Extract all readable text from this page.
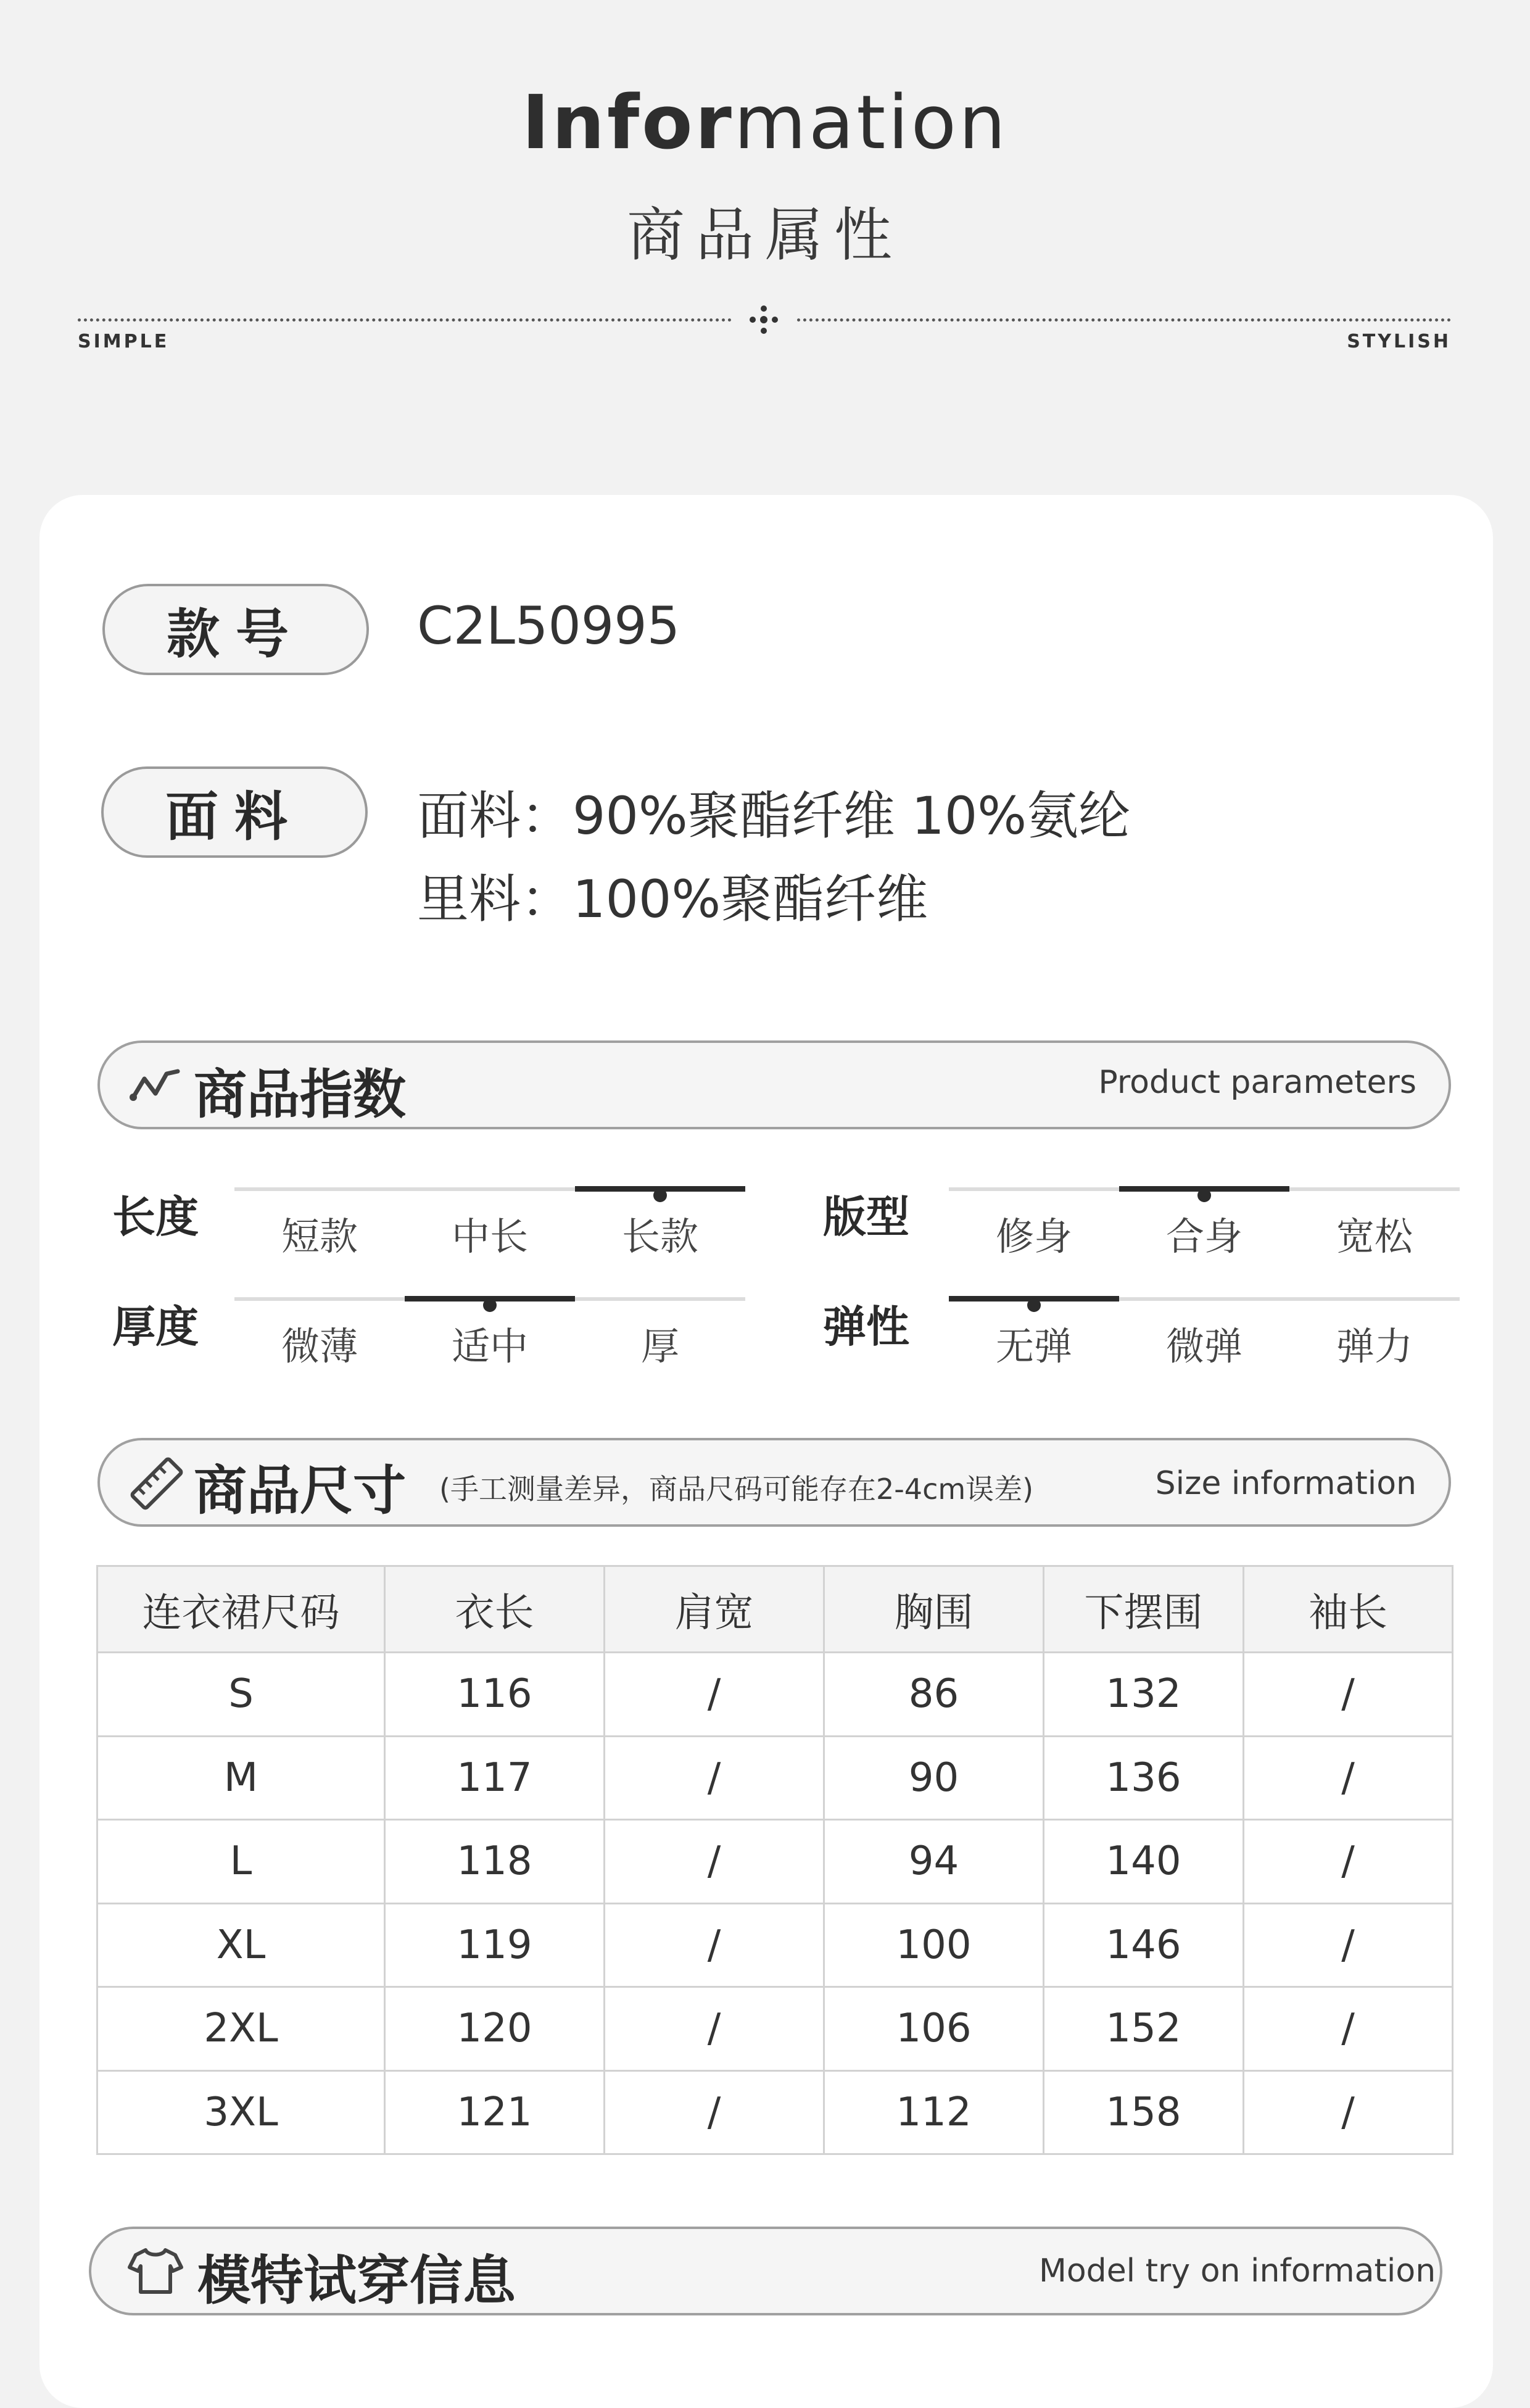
Information
商品属性
SIMPLE	STYLISH
款号 C2L50995
面料 面料：90%聚酯纤维 10%氨纶
里料：100%聚酯纤维
商品指数	Product parameters
长度	短款	中长	长款	版型	修身	合身	宽松
厚度	微薄	适中	厚	弹性	无弹	微弹	弹力
商品尺寸 (手工测量差异，商品尺码可能存在2-4cm误差)	Size information
连衣裙尺码	衣长	肩宽	胸围	下摆围	袖长
S	116	/	86	132	/
M	117	/	90	136	/
L	118	/	94	140	/
XL	119	/	100	146	/
2XL	120	/	106	152	/
3XL	121	/	112	158	/
模特试穿信息	Model try on information
